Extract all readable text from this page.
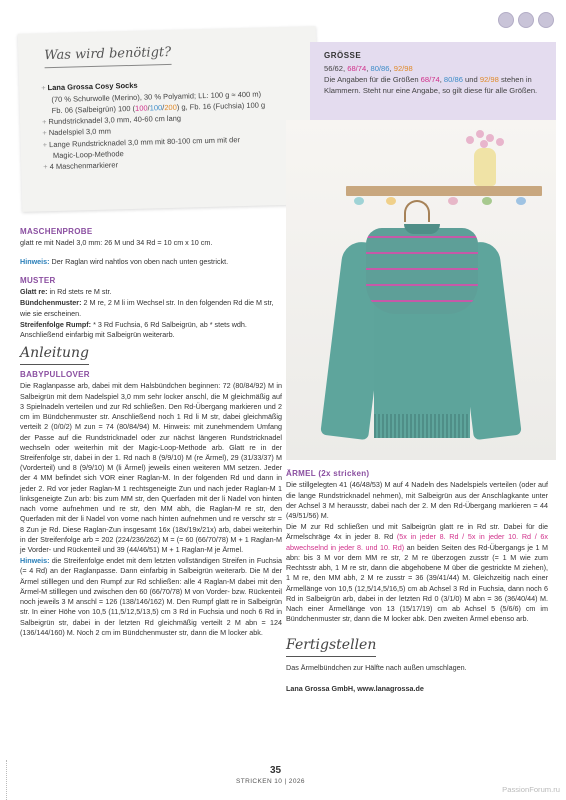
Was wird benötigt?
+ Lana Grossa Cosy Socks
(70 % Schurwolle (Merino), 30 % Polyamid; LL: 100 g ≈ 400 m)
Fb. 06 (Salbeigrün) 100 (100/100/200) g, Fb. 16 (Fuchsia) 100 g
+ Rundstricknadel 3,0 mm, 40-60 cm lang
+ Nadelspiel 3,0 mm
+ Lange Rundstricknadel 3,0 mm mit 80-100 cm um mit der
Magic-Loop-Methode
+ 4 Maschenmarkierer
GRÖSSE
56/62, 68/74, 80/86, 92/98
Die Angaben für die Größen 68/74, 80/86 und 92/98 stehen in Klammern. Steht nur eine Angabe, so gilt diese für alle Größen.
MASCHENPROBE
glatt re mit Nadel 3,0 mm: 26 M und 34 Rd = 10 cm x 10 cm.
Hinweis: Der Raglan wird nahtlos von oben nach unten gestrickt.
MUSTER
Glatt re: in Rd stets re M str.
Bündchenmuster: 2 M re, 2 M li im Wechsel str. In den folgenden Rd die M str, wie sie erscheinen.
Streifenfolge Rumpf: * 3 Rd Fuchsia, 6 Rd Salbeigrün, ab * stets wdh. Anschließend einfarbig mit Salbeigrün weiterarb.
Anleitung
BABYPULLOVER
Die Raglanpasse arb, dabei mit dem Halsbündchen beginnen: 72 (80/84/92) M in Salbeigrün mit dem Nadelspiel 3,0 mm sehr locker anschl, die M gleichmäßig auf 3 Spielnadeln verteilen und zur Rd schließen. Den Rd-Übergang markieren und 2 cm im Bündchenmuster str. Anschließend noch 1 Rd li M str, dabei gleichmäßig verteilt 2 (0/0/2) M zun = 74 (80/84/94) M. Hinweis: mit zunehmendem Umfang der Passe auf die Rundstricknadel oder zur nächst längeren Rundstricknadel wechseln oder weiterhin mit der Magic-Loop-Methode arb. Glatt re in der Streifenfolge str, dabei in der 1. Rd nach 8 (9/9/10) M (re Ärmel), 29 (31/33/37) M (Vorderteil) und 8 (9/9/10) M (li Ärmel) jeweils einen weiteren MM setzen. Jeder der 4 MM befindet sich VOR einer Raglan-M. In der folgenden Rd und dann in jeder 2. Rd vor jeder Raglan-M 1 rechtsgeneigte Zun und nach jeder Raglan-M 1 linksgeneigte Zun arb: bis zum MM str, den Querfaden mit der li Nadel von hinten nach vorne aufnehmen und re str, den MM abh, die Raglan-M re str, den Querfaden mit der li Nadel von vorne nach hinten aufnehmen und re verschr str = 8 Zun je Rd. Diese Raglan-Zun insgesamt 16x (18x/19x/21x) arb, dabei weiterhin in der Streifenfolge arb = 202 (224/236/262) M = (= 60 (66/70/78) M + 1 Raglan-M je Vorder- und Rückenteil und 39 (44/46/51) M + 1 Raglan-M je Ärmel.
Hinweis: die Streifenfolge endet mit dem letzten vollständigen Streifen in Fuchsia (= 4 Rd) an der Raglanpasse. Dann einfarbig in Salbeigrün weiterarb. Die M der Ärmel stilllegen und den Rumpf zur Rd schließen: alle 4 Raglan-M dabei mit den Ärmel-M stilllegen und zwischen den 60 (66/70/78) M von Vorder- bzw. Rückenteil noch jeweils 3 M anschl = 126 (138/146/162) M. Den Rumpf glatt re in Salbeigrün str. In einer Höhe von 10,5 (11,5/12,5/13,5) cm 3 Rd in Fuchsia und noch 6 Rd in Salbeigrün str, dabei in der letzten Rd gleichmäßig verteilt 2 M abn = 124 (136/144/160) M. Noch 2 cm im Bündchenmuster str, dann die M locker abk.
ÄRMEL (2x stricken)
Die stillgelegten 41 (46/48/53) M auf 4 Nadeln des Nadelspiels verteilen (oder auf die lange Rundstricknadel nehmen), mit Salbeigrün aus der Anschlagkante unter der Achsel 3 M herausstr, dabei nach der 2. M den Rd-Übergang markieren = 44 (49/51/56) M.
Die M zur Rd schließen und mit Salbeigrün glatt re in Rd str. Dabei für die Ärmelschräge 4x in jeder 8. Rd (5x in jeder 8. Rd / 5x in jeder 10. Rd / 6x abwechselnd in jeder 8. und 10. Rd) an beiden Seiten des Rd-Übergangs je 1 M abn: bis 3 M vor dem MM re str, 2 M re überzogen zusstr (= 1 M wie zum Rechtsstr abh, 1 M re str, dann die abgehobene M über die gestrickte M ziehen), 1 M re, den MM abh, 2 M re zusstr = 36 (39/41/44) M. Gleichzeitig nach einer Ärmellänge von 10,5 (12,5/14,5/16,5) cm ab Achsel 3 Rd in Fuchsia, dann noch 6 Rd in Salbeigrün arb, dabei in der letzten Rd 0 (3/1/0) M abn = 36 (36/40/44) M. Nach einer Ärmellänge von 13 (15/17/19) cm ab Achsel 5 (5/6/6) cm im Bündchenmuster str, dann die M locker abk. Den zweiten Ärmel ebenso arb.
Fertigstellen
Das Ärmelbündchen zur Hälfte nach außen umschlagen.
Lana Grossa GmbH, www.lanagrossa.de
35
STRICKEN 10 | 2026
PassionForum.ru
